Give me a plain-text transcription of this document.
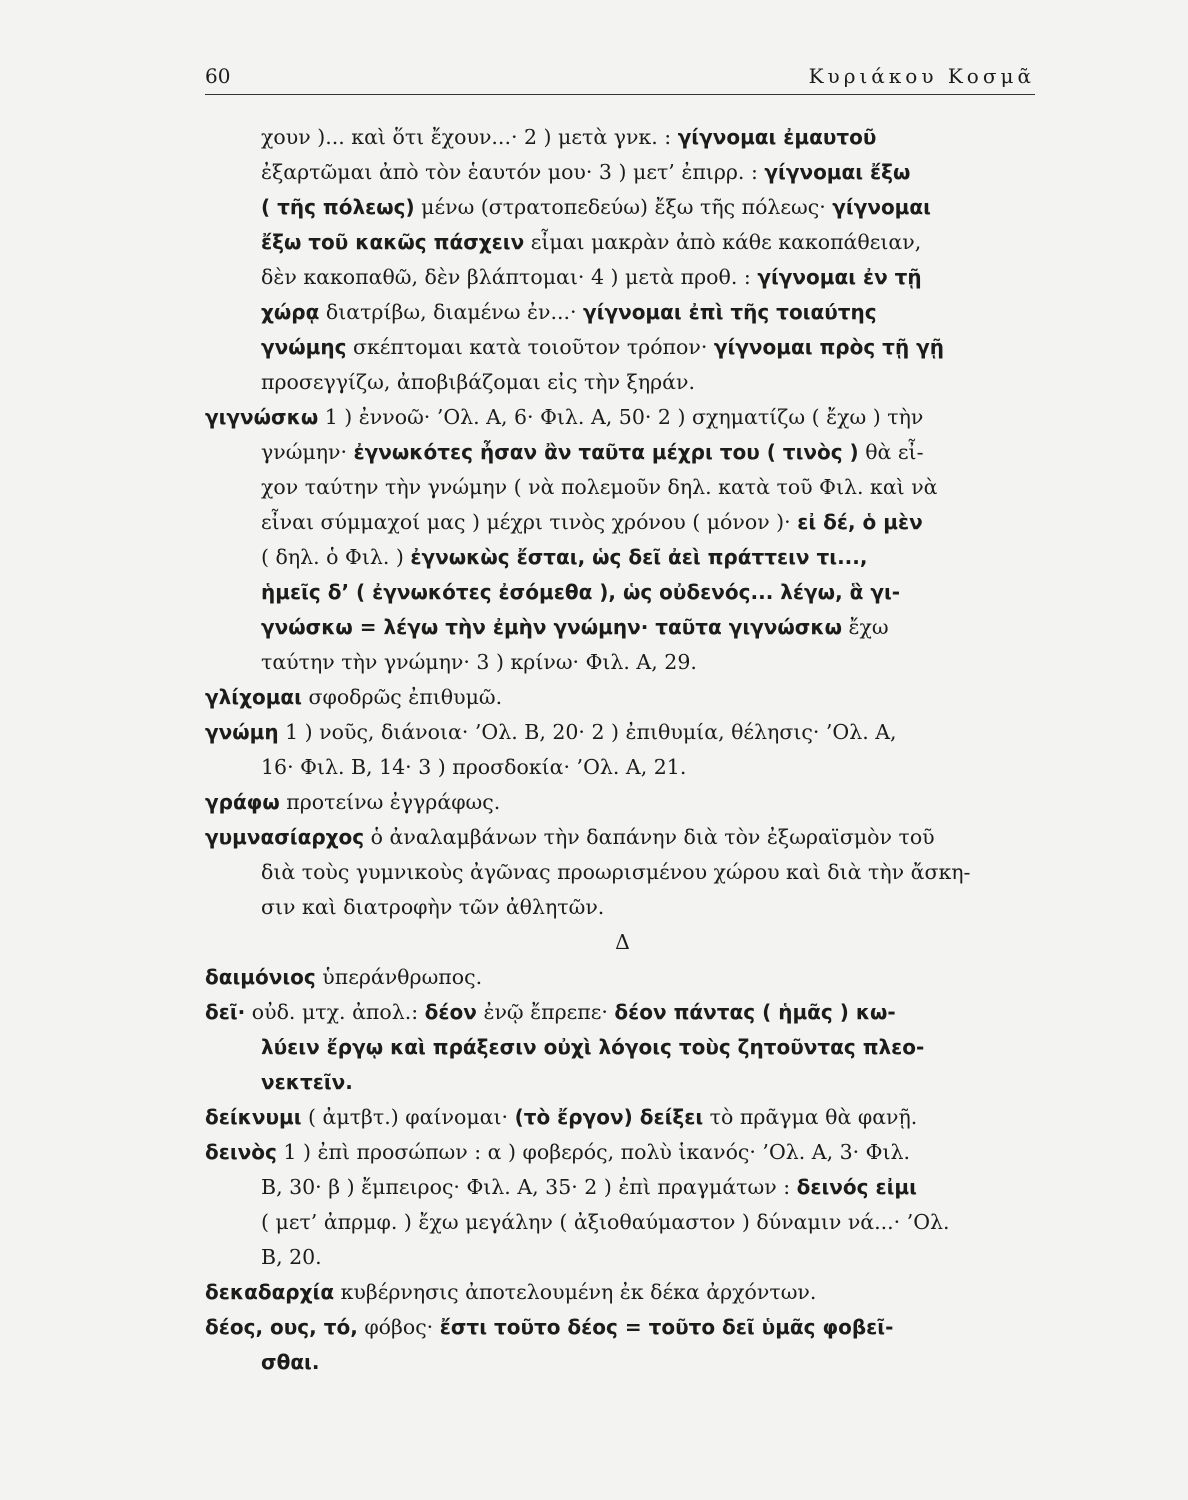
60	Κυριάκου Κοσμᾶ

χουν )... καὶ ὅτι ἔχουν...· 2 ) μετὰ γνκ. : γίγνομαι ἐμαυτοῦ

ἐξαρτῶμαι ἀπὸ τὸν ἑαυτόν μου· 3 ) μετ’ ἐπιρρ. : γίγνομαι ἔξω

( τῆς πόλεως) μένω (στρατοπεδεύω) ἔξω τῆς πόλεως· γίγνομαι

ἔξω τοῦ κακῶς πάσχειν εἶμαι μακρὰν ἀπὸ κάθε κακοπάθειαν,

δὲν κακοπαθῶ, δὲν βλάπτομαι· 4 ) μετὰ προθ. : γίγνομαι ἐν τῇ

χώρᾳ διατρίβω, διαμένω ἐν...· γίγνομαι ἐπὶ τῆς τοιαύτης

γνώμης σκέπτομαι κατὰ τοιοῦτον τρόπον· γίγνομαι πρὸς τῇ γῇ

προσεγγίζω, ἀποβιβάζομαι εἰς τὴν ξηράν.

γιγνώσκω 1 ) ἐννοῶ· ’Ολ. Α, 6· Φιλ. Α, 50· 2 ) σχηματίζω ( ἔχω ) τὴν

γνώμην· ἐγνωκότες ἦσαν ἂν ταῦτα μέχρι του ( τινὸς ) θὰ εἶ-

χον ταύτην τὴν γνώμην ( νὰ πολεμοῦν δηλ. κατὰ τοῦ Φιλ. καὶ νὰ

εἶναι σύμμαχοί μας ) μέχρι τινὸς χρόνου ( μόνον )· εἰ δέ, ὁ μὲν

( δηλ. ὁ Φιλ. ) ἐγνωκὼς ἔσται, ὡς δεῖ ἀεὶ πράττειν τι...,

ἡμεῖς δ’ ( ἐγνωκότες ἐσόμεθα ), ὡς οὐδενός... λέγω, ἃ γι-

γνώσκω = λέγω τὴν ἐμὴν γνώμην· ταῦτα γιγνώσκω ἔχω

ταύτην τὴν γνώμην· 3 ) κρίνω· Φιλ. Α, 29.

γλίχομαι σφοδρῶς ἐπιθυμῶ.

γνώμη 1 ) νοῦς, διάνοια· ’Ολ. Β, 20· 2 ) ἐπιθυμία, θέλησις· ’Ολ. Α,

16· Φιλ. Β, 14· 3 ) προσδοκία· ’Ολ. Α, 21.

γράφω προτείνω ἐγγράφως.

γυμνασίαρχος ὁ ἀναλαμβάνων τὴν δαπάνην διὰ τὸν ἐξωραϊσμὸν τοῦ

διὰ τοὺς γυμνικοὺς ἀγῶνας προωρισμένου χώρου καὶ διὰ τὴν ἄσκη-

σιν καὶ διατροφὴν τῶν ἀθλητῶν.

Δ

δαιμόνιος ὑπεράνθρωπος.

δεῖ· οὐδ. μτχ. ἀπολ.: δέον ἐνῷ ἔπρεπε· δέον πάντας ( ἡμᾶς ) κω-

λύειν ἔργῳ καὶ πράξεσιν οὐχὶ λόγοις τοὺς ζητοῦντας πλεο-

νεκτεῖν.

δείκνυμι ( ἀμτβτ.) φαίνομαι· (τὸ ἔργον) δείξει τὸ πρᾶγμα θὰ φανῇ.

δεινὸς 1 ) ἐπὶ προσώπων : α ) φοβερός, πολὺ ἱκανός· ’Ολ. Α, 3· Φιλ.

Β, 30· β ) ἔμπειρος· Φιλ. Α, 35· 2 ) ἐπὶ πραγμάτων : δεινός εἰμι

( μετ’ ἀπρμφ. ) ἔχω μεγάλην ( ἀξιοθαύμαστον ) δύναμιν νά...· ’Ολ.

Β, 20.

δεκαδαρχία κυβέρνησις ἀποτελουμένη ἐκ δέκα ἀρχόντων.

δέος, ους, τό, φόβος· ἔστι τοῦτο δέος = τοῦτο δεῖ ὑμᾶς φοβεῖ-

σθαι.
